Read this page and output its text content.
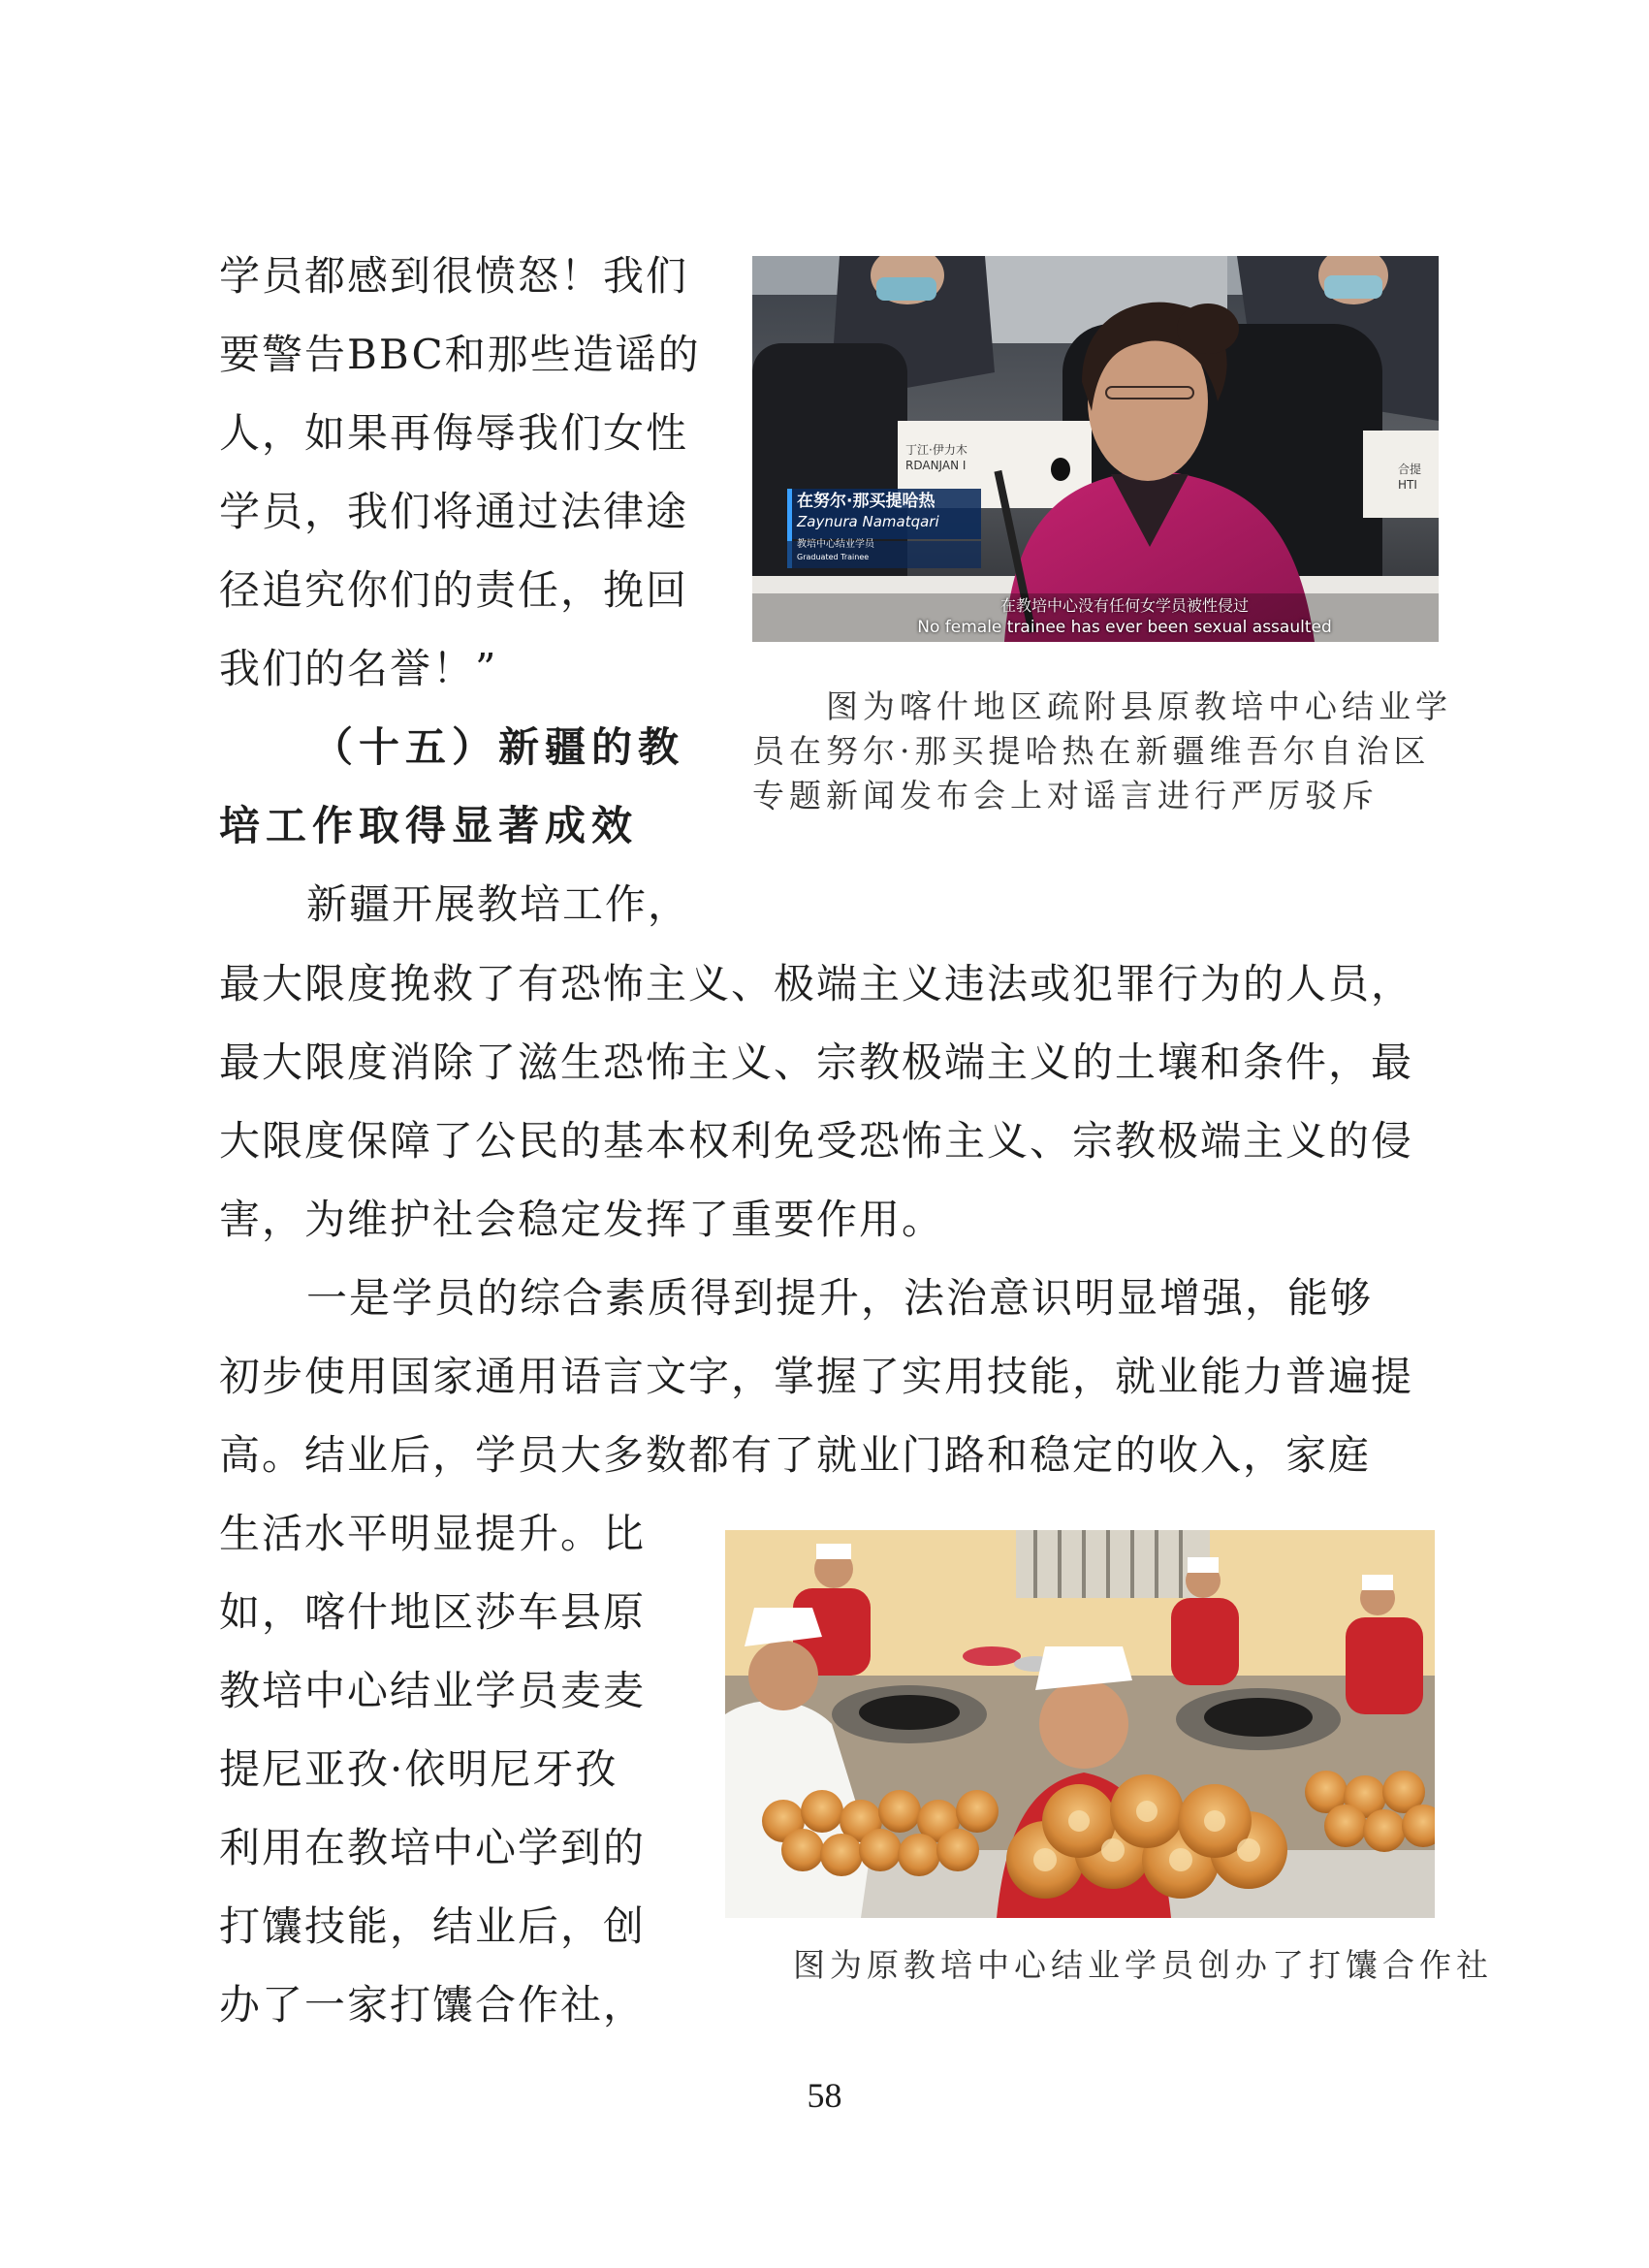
学员都感到很愤怒！我们
要警告BBC和那些造谣的
人，如果再侮辱我们女性
学员，我们将通过法律途
径追究你们的责任，挽回
我们的名誉！”
（十五）新疆的教
培工作取得显著成效
新疆开展教培工作，
丁江·伊力木
RDANJAN I	合提
HTI
在努尔·那买提哈热
Zaynura Namatqari
教培中心结业学员
Graduated Trainee
在教培中心没有任何女学员被性侵过
No female trainee has ever been sexual assaulted
图为喀什地区疏附县原教培中心结业学
员在努尔·那买提哈热在新疆维吾尔自治区
专题新闻发布会上对谣言进行严厉驳斥
最大限度挽救了有恐怖主义、极端主义违法或犯罪行为的人员，
最大限度消除了滋生恐怖主义、宗教极端主义的土壤和条件，最
大限度保障了公民的基本权利免受恐怖主义、宗教极端主义的侵
害，为维护社会稳定发挥了重要作用。
一是学员的综合素质得到提升，法治意识明显增强，能够
初步使用国家通用语言文字，掌握了实用技能，就业能力普遍提
高。结业后，学员大多数都有了就业门路和稳定的收入，家庭
生活水平明显提升。比
如，喀什地区莎车县原
教培中心结业学员麦麦
提尼亚孜·依明尼牙孜
利用在教培中心学到的
打馕技能，结业后，创
办了一家打馕合作社，
图为原教培中心结业学员创办了打馕合作社
58
